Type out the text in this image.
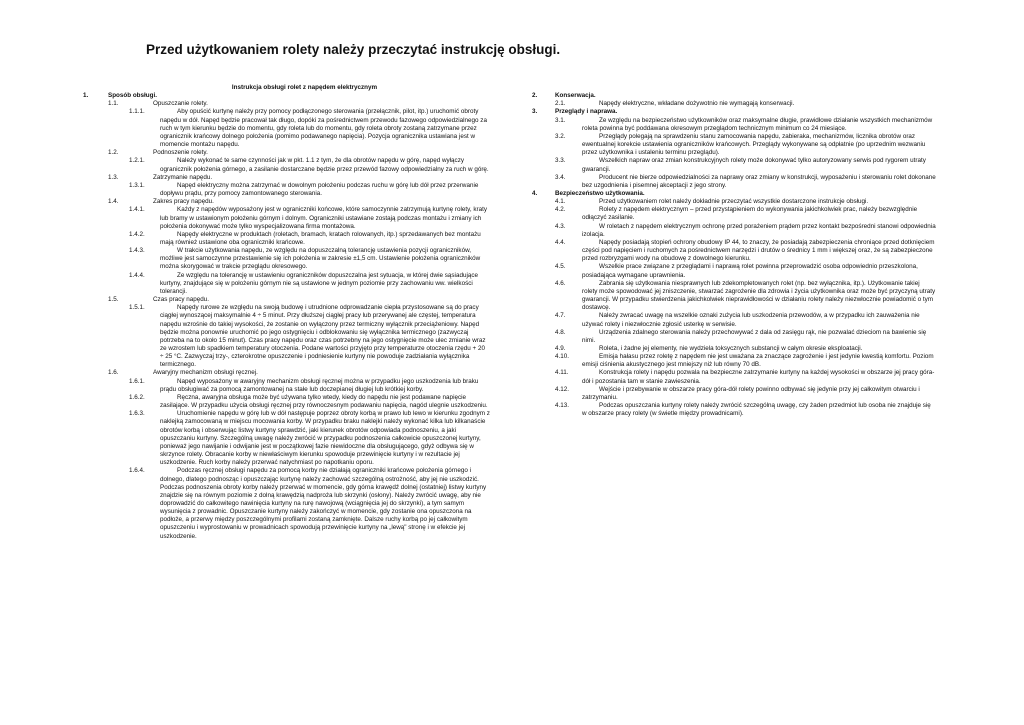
Przed użytkowaniem rolety należy przeczytać instrukcję obsługi.
Instrukcja obsługi rolet z napędem elektrycznym
1.	Sposób obsługi.
1.1.	Opuszczanie rolety.
1.1.1.	Aby opuścić kurtynę należy przy pomocy podłączonego sterowania (przełącznik, pilot, itp.) uruchomić obroty napędu w dół. Napęd będzie pracował tak długo, dopóki za pośrednictwem przewodu fazowego odpowiedzialnego za ruch w tym kierunku będzie do momentu, gdy roleta lub do momentu, gdy roleta obroty zostaną zatrzymane przez ogranicznik krańcowy dolnego położenia (pomimo podawanego napięcia). Pozycja ogranicznika ustawiana jest w momencie montażu napędu.
1.2.	Podnoszenie rolety.
1.2.1.	Należy wykonać te same czynności jak w pkt. 1.1 z tym, że dla obrotów napędu w górę, napęd wyłączy ogranicznik położenia górnego, a zasilanie dostarczane będzie przez przewód fazowy odpowiedzialny za ruch w górę.
1.3.	Zatrzymanie napędu.
1.3.1.	Napęd elektryczny można zatrzymać w dowolnym położeniu podczas ruchu w górę lub dół przez przerwanie dopływu prądu, przy pomocy zamontowanego sterowania.
1.4.	Zakres pracy napędu.
1.4.1.	Każdy z napędów wyposażony jest w ograniczniki końcowe, które samoczynnie zatrzymują kurtynę rolety, kraty lub bramy w ustawionym położeniu górnym i dolnym. Ograniczniki ustawiane zostają podczas montażu i zmiany ich położenia dokonywać może tylko wyspecjalizowana firma montażowa.
1.4.2.	Napędy elektryczne w produktach (roletach, bramach, kratach rolowanych, itp.) sprzedawanych bez montażu mają również ustawione oba ograniczniki krańcowe.
1.4.3.	W trakcie użytkowania napędu, ze względu na dopuszczalną tolerancję ustawienia pozycji ograniczników, możliwe jest samoczynne przestawienie się ich położenia w zakresie ±1,5 cm. Ustawienie położenia ograniczników można skorygować w trakcie przeglądu okresowego.
1.4.4.	Ze względu na tolerancję w ustawieniu ograniczników dopuszczalna jest sytuacja, w której dwie sąsiadujące kurtyny, znajdujące się w położeniu górnym nie są ustawione w jednym poziomie przy zachowaniu ww. wielkości tolerancji.
1.5.	Czas pracy napędu.
1.5.1.	Napędy rurowe ze względu na swoją budowę i utrudnione odprowadzanie ciepła przystosowane są do pracy ciągłej wynoszącej maksymalnie 4 ÷ 5 minut. Przy dłuższej ciągłej pracy lub przerywanej ale częstej, temperatura napędu wzrośnie do takiej wysokości, że zostanie on wyłączony przez termiczny wyłącznik przeciążeniowy. Napęd będzie można ponownie uruchomić po jego ostygnięciu i odblokowaniu się wyłącznika termicznego (zazwyczaj potrzeba na to około 15 minut). Czas pracy napędu oraz czas potrzebny na jego ostygnięcie może ulec zmianie wraz ze wzrostem lub spadkiem temperatury otoczenia. Podane wartości przyjęto przy temperaturze otoczenia rzędu + 20 ÷ 25 °C. Zazwyczaj trzy-, czterokrotne opuszczenie i podniesienie kurtyny nie powoduje zadziałania wyłącznika termicznego.
1.6.	Awaryjny mechanizm obsługi ręcznej.
1.6.1.	Napęd wyposażony w awaryjny mechanizm obsługi ręcznej można w przypadku jego uszkodzenia lub braku prądu obsługiwać za pomocą zamontowanej na stałe lub doczepianej długiej lub krótkiej korby.
1.6.2.	Ręczna, awaryjna obsługa może być używana tylko wtedy, kiedy do napędu nie jest podawane napięcie zasilające. W przypadku użycia obsługi ręcznej przy równoczesnym podawaniu napięcia, nagód ulegnie uszkodzeniu.
1.6.3.	Uruchomienie napędu w górę lub w dół następuje poprzez obroty korbą w prawo lub lewo w kierunku zgodnym z naklejką zamocowaną w miejscu mocowania korby. W przypadku braku naklejki należy wykonać kilka lub kilkanaście obrotów korbą i obserwując listwy kurtyny sprawdzić, jaki kierunek obrotów odpowiada podnoszeniu, a jaki opuszczaniu kurtyny. Szczególną uwagę należy zwrócić w przypadku podnoszenia całkowicie opuszczonej kurtyny, ponieważ jego nawijanie i odwijanie jest w początkowej fazie niewidoczne dla obsługującego, gdyż odbywa się w skrzynce rolety. Obracanie korby w niewłaściwym kierunku spowoduje przewinięcie kurtyny i w rezultacie jej uszkodzenie. Ruch korby należy przerwać natychmiast po napotkaniu oporu.
1.6.4.	Podczas ręcznej obsługi napędu za pomocą korby nie działają ograniczniki krańcowe położenia górnego i dolnego, dlatego podnosząc i opuszczając kurtynę należy zachować szczególną ostrożność, aby jej nie uszkodzić. Podczas podnoszenia obroty korby należy przerwać w momencie, gdy górna krawędź dolnej (ostatniej) listwy kurtyny znajdzie się na równym poziomie z dolną krawędzią nadproża lub skrzynki (osłony). Należy zwrócić uwagę, aby nie doprowadzić do całkowitego nawinięcia kurtyny na rurę nawojową (wciągnięcia jej do skrzynki), a tym samym wysunięcia z prowadnic. Opuszczanie kurtyny należy zakończyć w momencie, gdy zostanie ona opuszczona na podłoże, a przerwy między poszczególnymi profilami zostaną zamknięte. Dalsze ruchy korbą po jej całkowitym opuszczeniu i wyprostowaniu w prowadnicach spowodują przewinięcie kurtyny na „lewą" stronę i w efekcie jej uszkodzenie.
2.	Konserwacja.
2.1.	Napędy elektryczne, wkładane dożywotnio nie wymagają konserwacji.
3.	Przeglądy i naprawa.
3.1.	Ze względu na bezpieczeństwo użytkowników oraz maksymalne długie, prawidłowe działanie wszystkich mechanizmów roleta powinna być poddawana okresowym przeglądom technicznym minimum co 24 miesiące.
3.2.	Przeglądy polegają na sprawdzeniu stanu zamocowania napędu, zabieraka, mechanizmów, licznika obrotów oraz ewentualnej korekcie ustawienia ograniczników krańcowych. Przeglądy wykonywane są odpłatnie (po uprzednim wezwaniu przez użytkownika i ustaleniu terminu przeglądu).
3.3.	Wszelkich napraw oraz zmian konstrukcyjnych rolety może dokonywać tylko autoryzowany serwis pod rygorem utraty gwarancji.
3.4.	Producent nie bierze odpowiedzialności za naprawy oraz zmiany w konstrukcji, wyposażeniu i sterowaniu rolet dokonane bez uzgodnienia i pisemnej akceptacji z jego strony.
4.	Bezpieczeństwo użytkowania.
4.1.	Przed użytkowaniem rolet należy dokładnie przeczytać wszystkie dostarczone instrukcje obsługi.
4.2.	Rolety z napędem elektrycznym – przed przystąpieniem do wykonywania jakichkolwiek prac, należy bezwzględnie odłączyć zasilanie.
4.3.	W roletach z napędem elektrycznym ochronę przed porażeniem prądem przez kontakt bezpośredni stanowi odpowiednia izolacja.
4.4.	Napędy posiadają stopień ochrony obudowy IP 44, to znaczy, że posiadają zabezpieczenia chroniące przed dotknięciem części pod napięciem i ruchomych za pośrednictwem narzędzi i drutów o średnicy 1 mm i większej oraz, że są zabezpieczone przed rozbryzgami wody na obudowę z dowolnego kierunku.
4.5.	Wszelkie prace związane z przeglądami i naprawą rolet powinna przeprowadzić osoba odpowiednio przeszkolona, posiadająca wymagane uprawnienia.
4.6.	Zabrania się użytkowania niesprawnych lub zdekompletowanych rolet (np. bez wyłącznika, itp.). Użytkowanie takiej rolety może spowodować jej zniszczenie, stwarzać zagrożenie dla zdrowia i życia użytkownika oraz może być przyczyną utraty gwarancji. W przypadku stwierdzenia jakichkolwiek nieprawidłowości w działaniu rolety należy niezwłocznie powiadomić o tym dostawcę.
4.7.	Należy zwracać uwagę na wszelkie oznaki zużycia lub uszkodzenia przewodów, a w przypadku ich zauważenia nie używać rolety i niezwłocznie zgłosić usterkę w serwisie.
4.8.	Urządzenia zdalnego sterowania należy przechowywać z dala od zasięgu rąk, nie pozwalać dzieciom na bawienie się nimi.
4.9.	Roleta, i żadne jej elementy, nie wydziela toksycznych substancji w całym okresie eksploatacji.
4.10.	Emisja hałasu przez roletę z napędem nie jest uważana za znaczące zagrożenie i jest jedynie kwestią komfortu. Poziom emisji ciśnienia akustycznego jest mniejszy niż lub równy 70 dB.
4.11.	Konstrukcja rolety i napędu pozwala na bezpieczne zatrzymanie kurtyny na każdej wysokości w obszarze jej pracy góra-dół i pozostania tam w stanie zawieszenia.
4.12.	Wejście i przebywanie w obszarze pracy góra-dół rolety powinno odbywać się jedynie przy jej całkowitym otwarciu i zatrzymaniu.
4.13.	Podczas opuszczania kurtyny rolety należy zwrócić szczególną uwagę, czy żaden przedmiot lub osoba nie znajduje się w obszarze pracy rolety (w świetle między prowadnicami).
